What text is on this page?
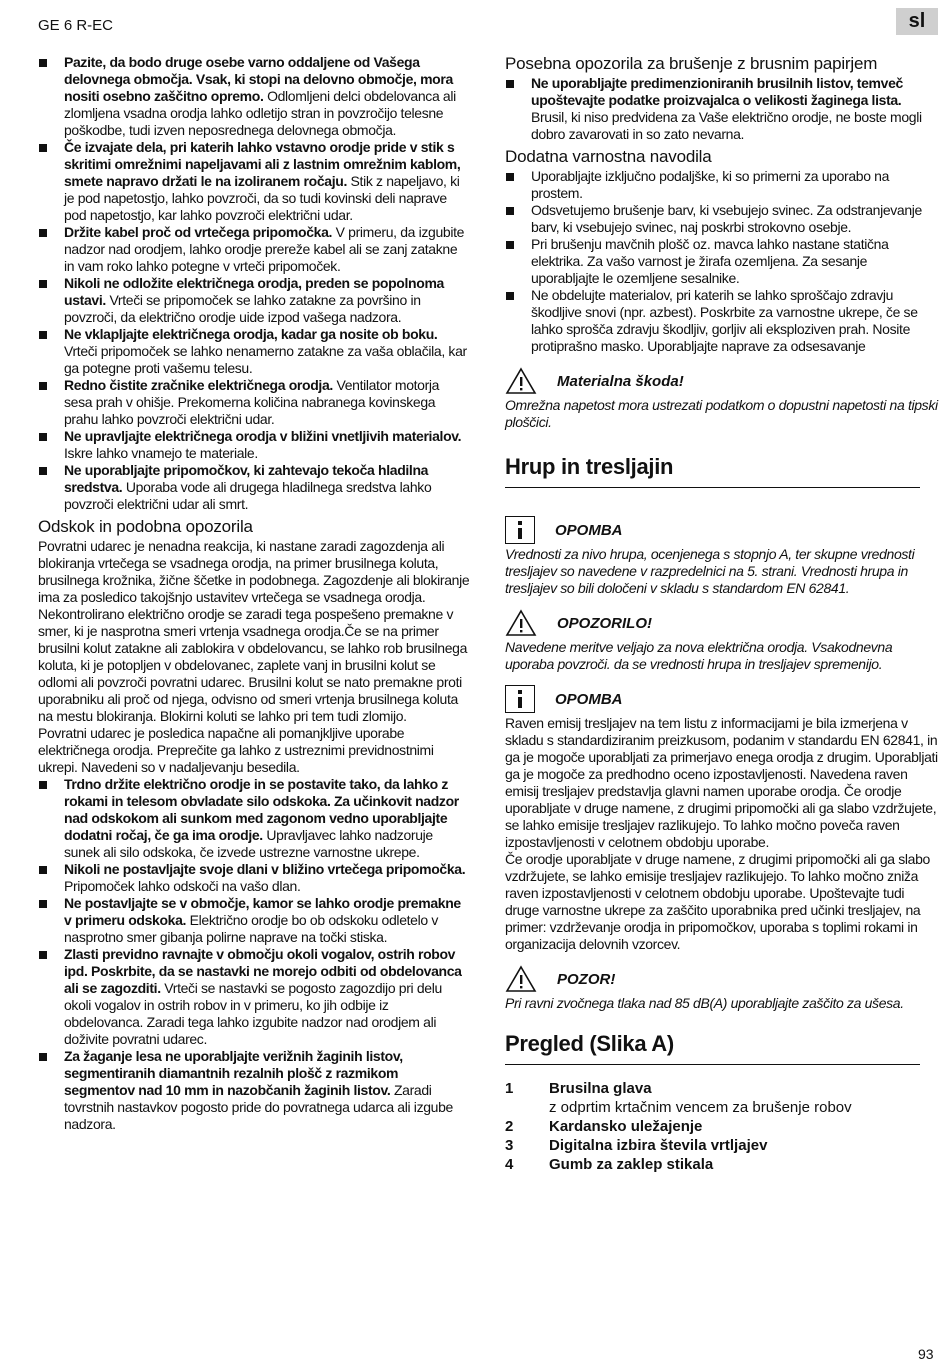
GE 6 R-EC	sl
Pazite, da bodo druge osebe varno oddaljene od Vašega delovnega območja. Vsak, ki stopi na delovno območje, mora nositi osebno zaščitno opremo. Odlomljeni delci obdelovanca ali zlomljena vsadna orodja lahko odletijo stran in povzročijo telesne poškodbe, tudi izven neposrednega delovnega območja.
Če izvajate dela, pri katerih lahko vstavno orodje pride v stik s skritimi omrežnimi napeljavami ali z lastnim omrežnim kablom, smete napravo držati le na izoliranem ročaju. Stik z napeljavo, ki je pod napetostjo, lahko povzroči, da so tudi kovinski deli naprave pod napetostjo, kar lahko povzroči električni udar.
Držite kabel proč od vrtečega pripomočka. V primeru, da izgubite nadzor nad orodjem, lahko orodje prereže kabel ali se zanj zatakne in vam roko lahko potegne v vrteči pripomoček.
Nikoli ne odložite električnega orodja, preden se popolnoma ustavi. Vrteči se pripomoček se lahko zatakne za površino in povzroči, da električno orodje uide izpod vašega nadzora.
Ne vklapljajte električnega orodja, kadar ga nosite ob boku. Vrteči pripomoček se lahko nenamerno zatakne za vaša oblačila, kar ga potegne proti vašemu telesu.
Redno čistite zračnike električnega orodja. Ventilator motorja sesa prah v ohišje. Prekomerna količina nabranega kovinskega prahu lahko povzroči električni udar.
Ne upravljajte električnega orodja v bližini vnetljivih materialov. Iskre lahko vnamejo te materiale.
Ne uporabljajte pripomočkov, ki zahtevajo tekoča hladilna sredstva. Uporaba vode ali drugega hladilnega sredstva lahko povzroči električni udar ali smrt.
Odskok in podobna opozorila
Povratni udarec je nenadna reakcija, ki nastane zaradi zagozdenja ali blokiranja vrtečega se vsadnega orodja, na primer brusilnega koluta, brusilnega krožnika, žične ščetke in podobnega. Zagozdenje ali blokiranje ima za posledico takojšnjo ustavitev vrtečega se vsadnega orodja. Nekontrolirano električno orodje se zaradi tega pospešeno premakne v smer, ki je nasprotna smeri vrtenja vsadnega orodja.Če se na primer brusilni kolut zatakne ali zablokira v obdelovancu, se lahko rob brusilnega koluta, ki je potopljen v obdelovanec, zaplete vanj in brusilni kolut se odlomi ali povzroči povratni udarec. Brusilni kolut se nato premakne proti uporabniku ali proč od njega, odvisno od smeri vrtenja brusilnega koluta na mestu blokiranja. Blokirni koluti se lahko pri tem tudi zlomijo.
Povratni udarec je posledica napačne ali pomanjkljive uporabe električnega orodja. Preprečite ga lahko z ustreznimi previdnostnimi ukrepi. Navedeni so v nadaljevanju besedila.
Trdno držite električno orodje in se postavite tako, da lahko z rokami in telesom obvladate silo odskoka. Za učinkovit nadzor nad odskokom ali sunkom med zagonom vedno uporabljajte dodatni ročaj, če ga ima orodje. Upravljavec lahko nadzoruje sunek ali silo odskoka, če izvede ustrezne varnostne ukrepe.
Nikoli ne postavljajte svoje dlani v bližino vrtečega pripomočka. Pripomoček lahko odskoči na vašo dlan.
Ne postavljajte se v območje, kamor se lahko orodje premakne v primeru odskoka. Električno orodje bo ob odskoku odletelo v nasprotno smer gibanja polirne naprave na točki stiska.
Zlasti previdno ravnajte v območju okoli vogalov, ostrih robov ipd. Poskrbite, da se nastavki ne morejo odbiti od obdelovanca ali se zagozditi. Vrteči se nastavki se pogosto zagozdijo pri delu okoli vogalov in ostrih robov in v primeru, ko jih odbije iz obdelovanca. Zaradi tega lahko izgubite nadzor nad orodjem ali doživite povratni udarec.
Za žaganje lesa ne uporabljajte verižnih žaginih listov, segmentiranih diamantnih rezalnih plošč z razmikom segmentov nad 10 mm in nazobčanih žaginih listov. Zaradi tovrstnih nastavkov pogosto pride do povratnega udarca ali izgube nadzora.
Posebna opozorila za brušenje z brusnim papirjem
Ne uporabljajte predimenzioniranih brusilnih listov, temveč upoštevajte podatke proizvajalca o velikosti žaginega lista. Brusil, ki niso predvidena za Vaše električno orodje, ne boste mogli dobro zavarovati in so zato nevarna.
Dodatna varnostna navodila
Uporabljajte izključno podaljške, ki so primerni za uporabo na prostem.
Odsvetujemo brušenje barv, ki vsebujejo svinec. Za odstranjevanje barv, ki vsebujejo svinec, naj poskrbi strokovno osebje.
Pri brušenju mavčnih plošč oz. mavca lahko nastane statična elektrika. Za vašo varnost je žirafa ozemljena. Za sesanje uporabljajte le ozemljene sesalnike.
Ne obdelujte materialov, pri katerih se lahko sproščajo zdravju škodljive snovi (npr. azbest). Poskrbite za varnostne ukrepe, če se lahko sprošča zdravju škodljiv, gorljiv ali eksploziven prah. Nosite protiprašno masko. Uporabljajte naprave za odsesavanje
Materialna škoda!
Omrežna napetost mora ustrezati podatkom o dopustni napetosti na tipski ploščici.
Hrup in tresljajin
OPOMBA
Vrednosti za nivo hrupa, ocenjenega s stopnjo A, ter skupne vrednosti tresljajev so navedene v razpredelnici na 5. strani. Vrednosti hrupa in tresljajev so bili določeni v skladu s standardom EN 62841.
OPOZORILO!
Navedene meritve veljajo za nova električna orodja. Vsakodnevna uporaba povzroči. da se vrednosti hrupa in tresljajev spremenijo.
OPOMBA
Raven emisij tresljajev na tem listu z informacijami je bila izmerjena v skladu s standardiziranim preizkusom, podanim v standardu EN 62841, in ga je mogoče uporabljati za primerjavo enega orodja z drugim. Uporabljati ga je mogoče za predhodno oceno izpostavljenosti. Navedena raven emisij tresljajev predstavlja glavni namen uporabe orodja. Če orodje uporabljate v druge namene, z drugimi pripomočki ali ga slabo vzdržujete, se lahko emisije tresljajev razlikujejo. To lahko močno poveča raven izpostavljenosti v celotnem obdobju uporabe.
Če orodje uporabljate v druge namene, z drugimi pripomočki ali ga slabo vzdržujete, se lahko emisije tresljajev razlikujejo. To lahko močno zniža raven izpostavljenosti v celotnem obdobju uporabe. Upoštevajte tudi druge varnostne ukrepe za zaščito uporabnika pred učinki tresljajev, na primer: vzdrževanje orodja in pripomočkov, uporaba s toplimi rokami in organizacija delovnih vzorcev.
POZOR!
Pri ravni zvočnega tlaka nad 85 dB(A) uporabljajte zaščito za ušesa.
Pregled (Slika A)
1	Brusilna glava
z odprtim krtačnim vencem za brušenje robov
2	Kardansko uležajenje
3	Digitalna izbira števila vrtljajev
4	Gumb za zaklep stikala
93
